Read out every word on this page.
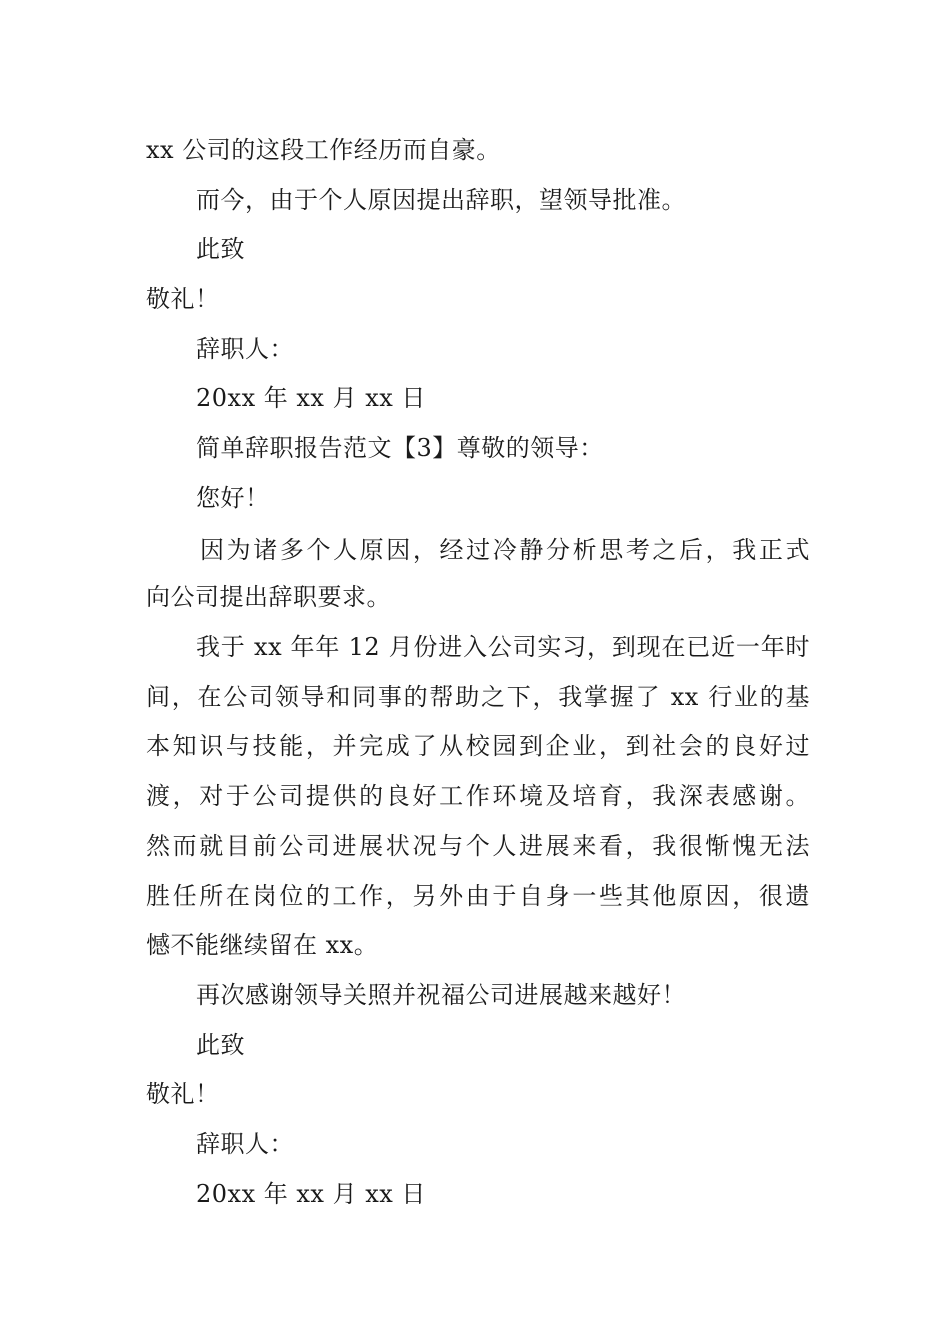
xx 公司的这段工作经历而自豪。
而今，由于个人原因提出辞职，望领导批准。
此致
敬礼！
辞职人：
20xx 年 xx 月 xx 日
简单辞职报告范文【3】尊敬的领导：
您好！
因为诸多个人原因，经过冷静分析思考之后，我正式
向公司提出辞职要求。
我于 xx 年年 12 月份进入公司实习，到现在已近一年时
间，在公司领导和同事的帮助之下，我掌握了 xx 行业的基
本知识与技能，并完成了从校园到企业，到社会的良好过
渡，对于公司提供的良好工作环境及培育，我深表感谢。
然而就目前公司进展状况与个人进展来看，我很惭愧无法
胜任所在岗位的工作，另外由于自身一些其他原因，很遗
憾不能继续留在 xx。
再次感谢领导关照并祝福公司进展越来越好！
此致
敬礼！
辞职人：
20xx 年 xx 月 xx 日
